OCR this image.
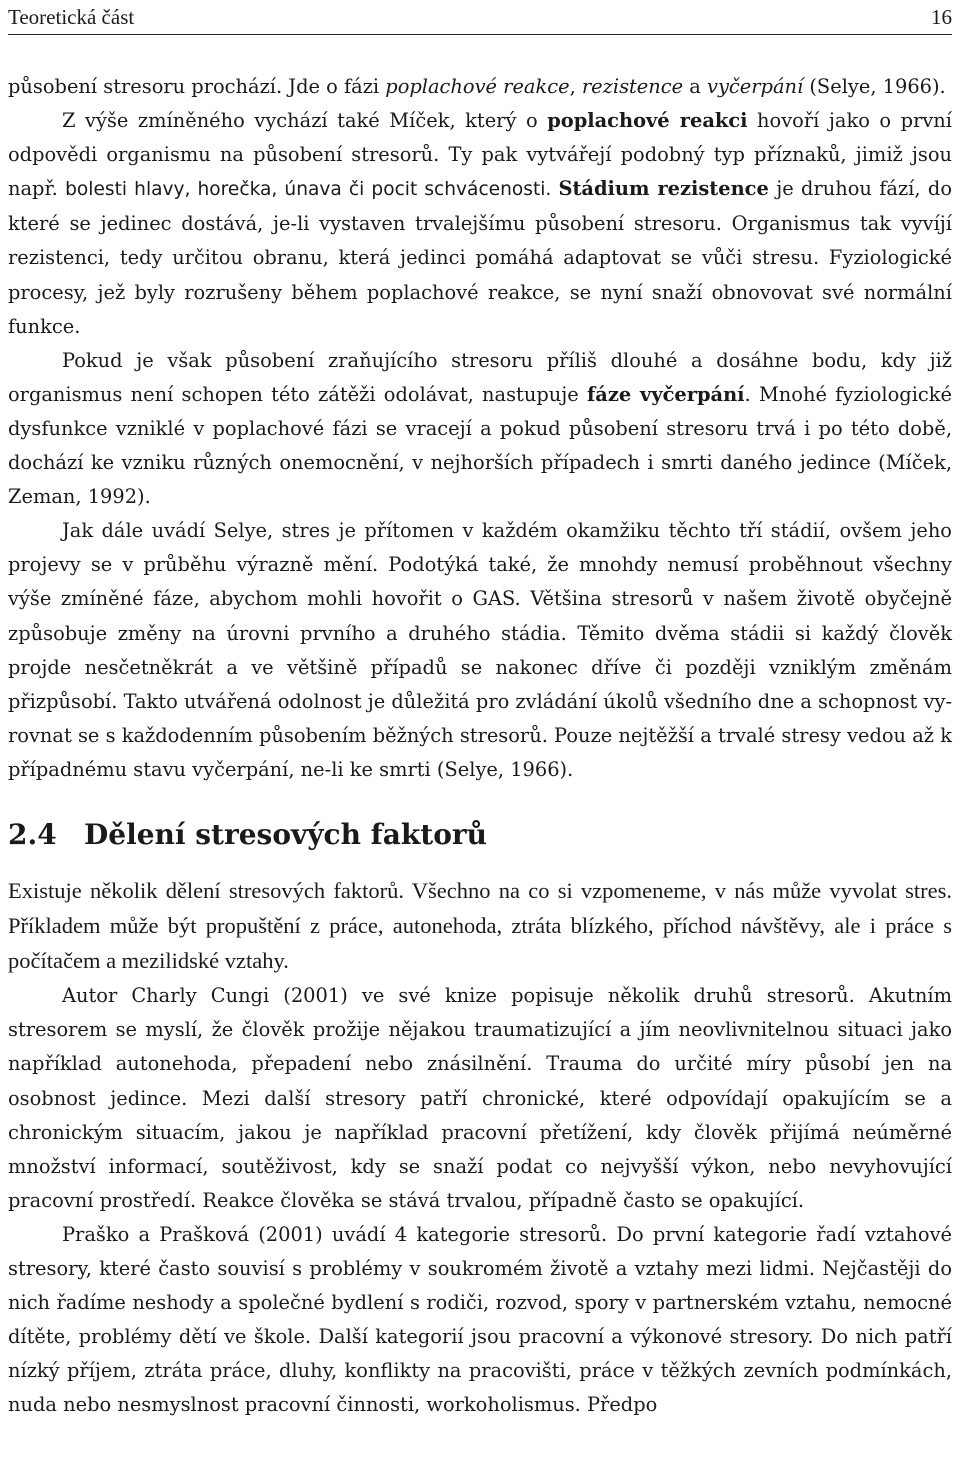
Teoretická část	16

působení stresoru prochází. Jde o fázi poplachové reakce, rezistence a vyčerpání (Selye, 1966).

Z výše zmíněného vychází také Míček, který o poplachové reakci hovoří jako o první odpovědi organismu na působení stresorů. Ty pak vytvářejí podobný typ příznaků, jimiž jsou např. bolesti hlavy, horečka, únava či pocit schvácenosti. Stádium rezistence je druhou fází, do které se jedinec dostává, je-li vystaven trvalejšímu působení stresoru. Organismus tak vyvíjí rezistenci, tedy určitou obranu, která jedinci pomáhá adaptovat se vůči stresu. Fyziologické procesy, jež byly rozrušeny během poplachové reakce, se nyní snaží obnovovat své normální funkce.

Pokud je však působení zraňujícího stresoru příliš dlouhé a dosáhne bodu, kdy již organismus není schopen této zátěži odolávat, nastupuje fáze vyčerpání. Mnohé fyziologické dysfunkce vzniklé v poplachové fázi se vracejí a pokud působení stresoru trvá i po této době, dochází ke vzniku různých onemocnění, v nejhorších případech i smrti daného jedince (Míček, Zeman, 1992).

Jak dále uvádí Selye, stres je přítomen v každém okamžiku těchto tří stádií, ovšem jeho projevy se v průběhu výrazně mění. Podotýká také, že mnohdy nemusí proběhnout všechny výše zmíněné fáze, abychom mohli hovořit o GAS. Většina stresorů v našem životě obyčejně způsobuje změny na úrovni prvního a druhého stádia. Těmito dvěma stádii si každý člověk projde nesčetněkrát a ve většině případů se nakonec dříve či později vzniklým změnám přizpůsobí. Takto utvářená odolnost je důležitá pro zvládání úkolů všedního dne a schopnost vyrovnat se s každodenním působením běžných stresorů. Pouze nejtěžší a trvalé stresy vedou až k případnému stavu vyčerpání, ne-li ke smrti (Selye, 1966).

2.4 Dělení stresových faktorů

Existuje několik dělení stresových faktorů. Všechno na co si vzpomeneme, v nás může vyvolat stres. Příkladem může být propuštění z práce, autonehoda, ztráta blízkého, příchod návštěvy, ale i práce s počítačem a mezilidské vztahy.

Autor Charly Cungi (2001) ve své knize popisuje několik druhů stresorů. Akutním stresorem se myslí, že člověk prožije nějakou traumatizující a jím neovlivnitelnou situaci jako například autonehoda, přepadení nebo znásilnění. Trauma do určité míry působí jen na osobnost jedince. Mezi další stresory patří chronické, které odpovídají opakujícím se a chronickým situacím, jakou je například pracovní přetížení, kdy člověk přijímá neúměrné množství informací, soutěživost, kdy se snaží podat co nejvyšší výkon, nebo nevyhovující pracovní prostředí. Reakce člověka se stává trvalou, případně často se opakující.

Praško a Prašková (2001) uvádí 4 kategorie stresorů. Do první kategorie řadí vztahové stresory, které často souvisí s problémy v soukromém životě a vztahy mezi lidmi. Nejčastěji do nich řadíme neshody a společné bydlení s rodiči, rozvod, spory v partnerském vztahu, nemocné dítěte, problémy dětí ve škole. Další kategorií jsou pracovní a výkonové stresory. Do nich patří nízký příjem, ztráta práce, dluhy, konflikty na pracovišti, práce v těžkých zevních podmínkách, nuda nebo nesmyslnost pracovní činnosti, workoholismus. Předpo
